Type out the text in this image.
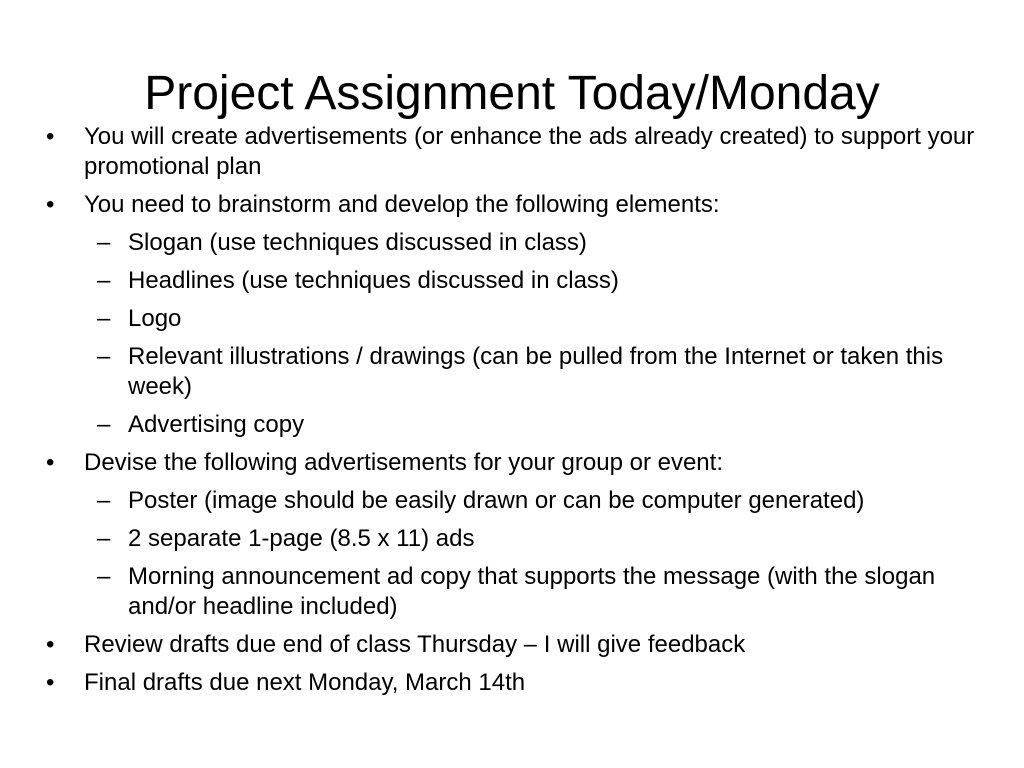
Project Assignment Today/Monday
• You will create advertisements (or enhance the ads already created) to support your promotional plan
• You need to brainstorm and develop the following elements:
– Slogan (use techniques discussed in class)
– Headlines (use techniques discussed in class)
– Logo
– Relevant illustrations / drawings (can be pulled from the Internet or taken this week)
– Advertising copy
• Devise the following advertisements for your group or event:
– Poster (image should be easily drawn or can be computer generated)
– 2 separate 1-page (8.5 x 11) ads
– Morning announcement ad copy that supports the message (with the slogan and/or headline included)
• Review drafts due end of class Thursday – I will give feedback
• Final drafts due next Monday, March 14th
